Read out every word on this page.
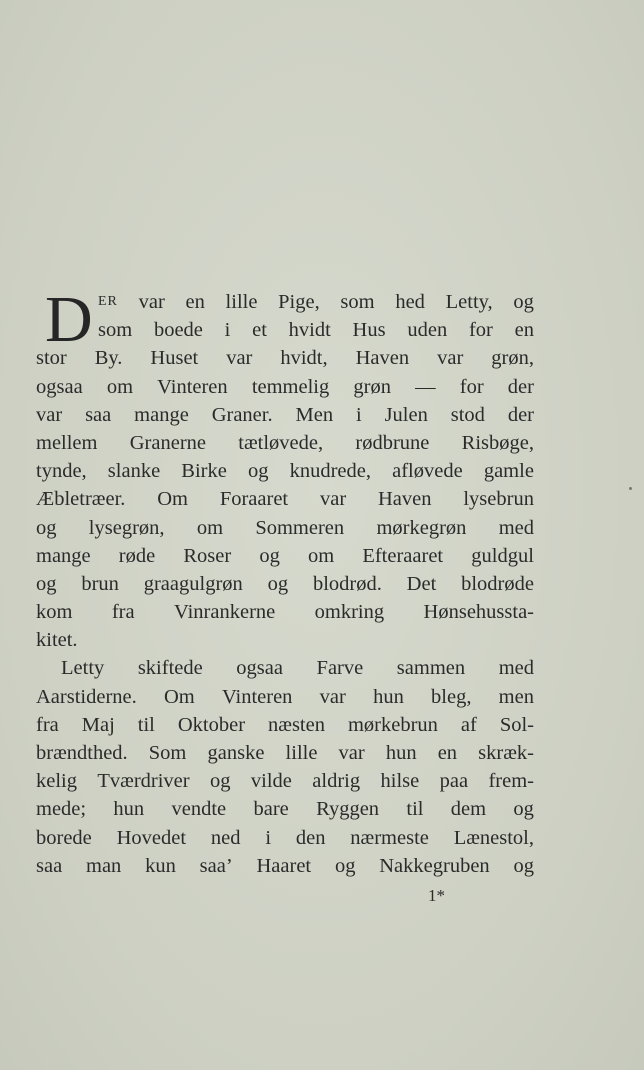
D ER var en lille Pige, som hed Letty, og
som boede i et hvidt Hus uden for en
stor By. Huset var hvidt, Haven var grøn,
ogsaa om Vinteren temmelig grøn — for der
var saa mange Graner. Men i Julen stod der
mellem Granerne tætløvede, rødbrune Risbøge,
tynde, slanke Birke og knudrede, afløvede gamle
Æbletræer. Om Foraaret var Haven lysebrun
og lysegrøn, om Sommeren mørkegrøn med
mange røde Roser og om Efteraaret guldgul
og brun graagulgrøn og blodrød. Det blodrøde
kom fra Vinrankerne omkring Hønsehussta-
kitet.
Letty skiftede ogsaa Farve sammen med
Aarstiderne. Om Vinteren var hun bleg, men
fra Maj til Oktober næsten mørkebrun af Sol-
brændthed. Som ganske lille var hun en skræk-
kelig Tværdriver og vilde aldrig hilse paa frem-
mede; hun vendte bare Ryggen til dem og
borede Hovedet ned i den nærmeste Lænestol,
saa man kun saa’ Haaret og Nakkegruben og
1*
